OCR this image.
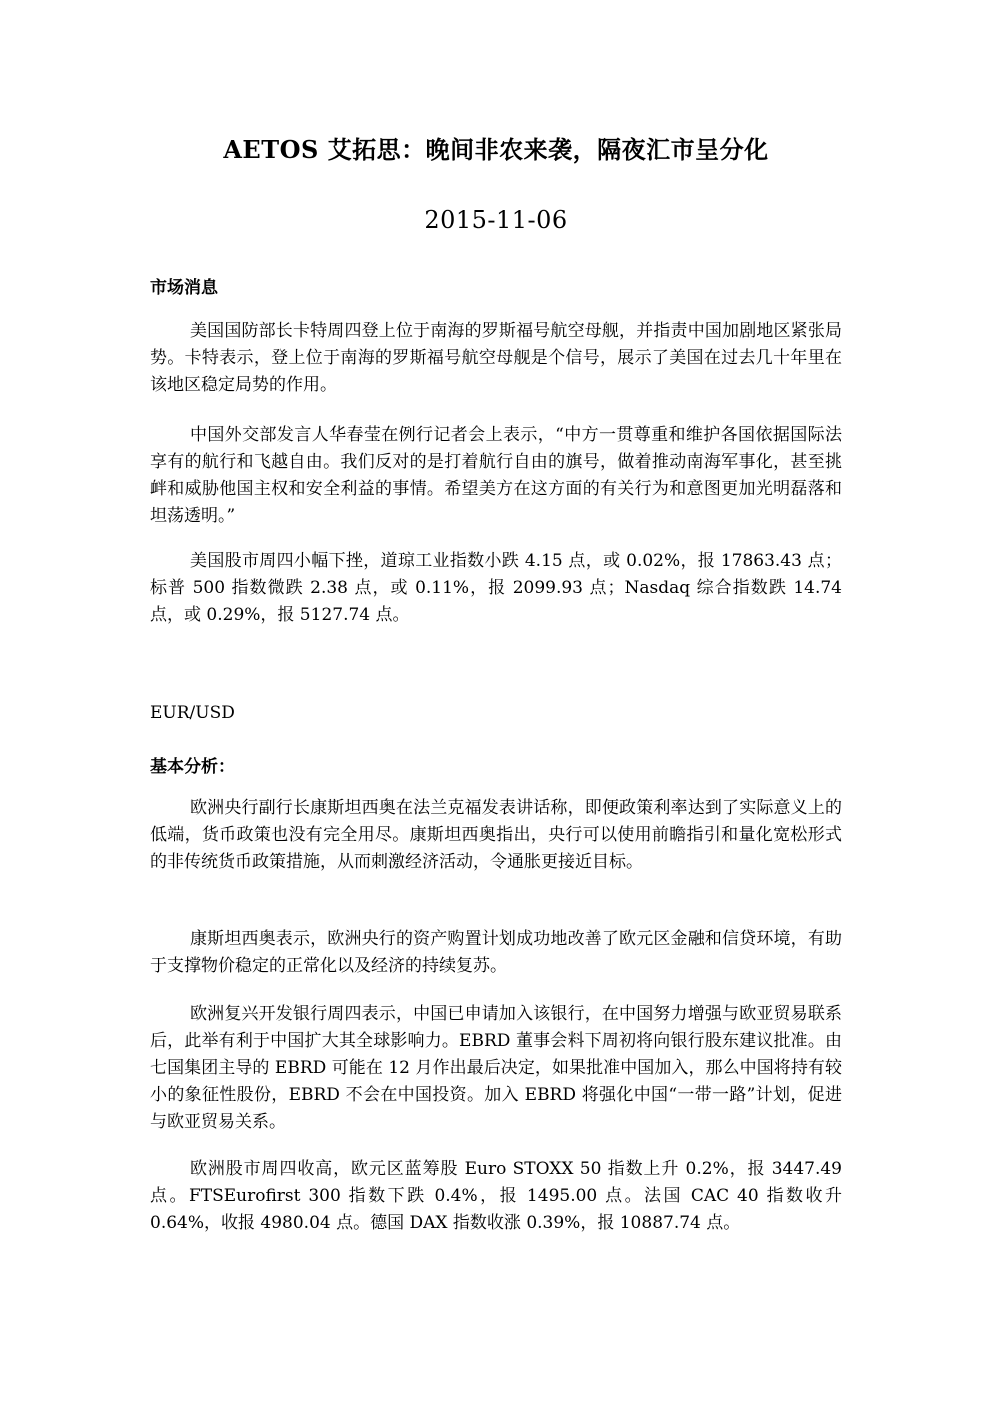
AETOS 艾拓思：晚间非农来袭，隔夜汇市呈分化
2015-11-06
市场消息

美国国防部长卡特周四登上位于南海的罗斯福号航空母舰，并指责中国加剧地区紧张局势。卡特表示，登上位于南海的罗斯福号航空母舰是个信号，展示了美国在过去几十年里在该地区稳定局势的作用。

中国外交部发言人华春莹在例行记者会上表示，“中方一贯尊重和维护各国依据国际法享有的航行和飞越自由。我们反对的是打着航行自由的旗号，做着推动南海军事化，甚至挑衅和威胁他国主权和安全利益的事情。希望美方在这方面的有关行为和意图更加光明磊落和坦荡透明。”

美国股市周四小幅下挫，道琼工业指数小跌 4.15 点，或 0.02%，报 17863.43 点；标普 500 指数微跌 2.38 点，或 0.11%，报 2099.93 点；Nasdaq 综合指数跌 14.74 点，或 0.29%，报 5127.74 点。

EUR/USD
基本分析：

欧洲央行副行长康斯坦西奥在法兰克福发表讲话称，即便政策利率达到了实际意义上的低端，货币政策也没有完全用尽。康斯坦西奥指出，央行可以使用前瞻指引和量化宽松形式的非传统货币政策措施，从而刺激经济活动，令通胀更接近目标。

康斯坦西奥表示，欧洲央行的资产购置计划成功地改善了欧元区金融和信贷环境，有助于支撑物价稳定的正常化以及经济的持续复苏。

欧洲复兴开发银行周四表示，中国已申请加入该银行，在中国努力增强与欧亚贸易联系后，此举有利于中国扩大其全球影响力。EBRD 董事会料下周初将向银行股东建议批准。由七国集团主导的 EBRD 可能在 12 月作出最后决定，如果批准中国加入，那么中国将持有较小的象征性股份，EBRD 不会在中国投资。加入 EBRD 将强化中国“一带一路”计划，促进与欧亚贸易关系。

欧洲股市周四收高，欧元区蓝筹股 Euro STOXX 50 指数上升 0.2%，报 3447.49 点。FTSEurofirst 300 指数下跌 0.4%，报 1495.00 点。法国 CAC 40 指数收升 0.64%，收报 4980.04 点。德国 DAX 指数收涨 0.39%，报 10887.74 点。
